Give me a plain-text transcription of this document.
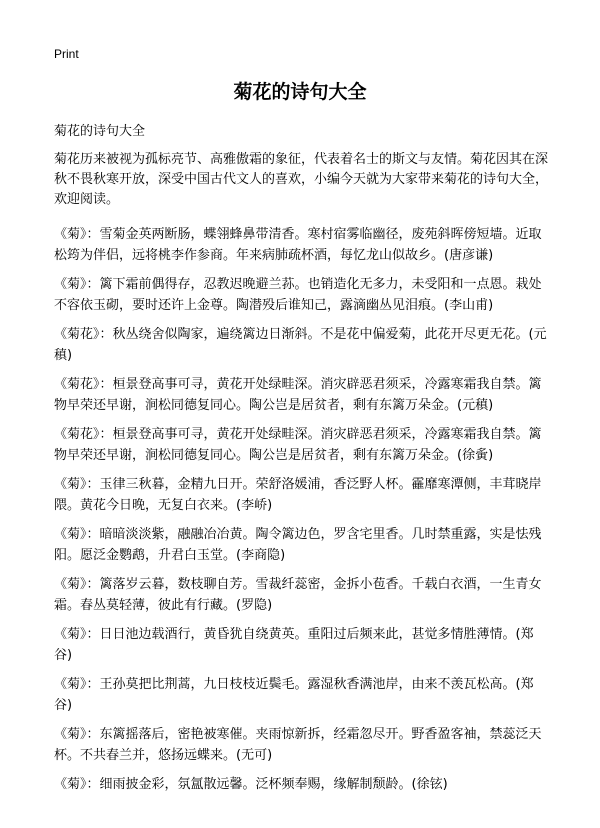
Print
菊花的诗句大全

菊花的诗句大全

菊花历来被视为孤标亮节、高雅傲霜的象征，代表着名士的斯文与友情。菊花因其在深秋不畏秋寒开放，深受中国古代文人的喜欢，小编今天就为大家带来菊花的诗句大全，欢迎阅读。

《菊》：雪菊金英两断肠，蝶翎蜂鼻带清香。寒村宿雾临幽径，废苑斜晖傍短墙。近取松筠为伴侣，远将桃李作参商。年来病肺疏杯酒，每忆龙山似故乡。(唐彦谦)

《菊》：篱下霜前偶得存，忍教迟晚避兰荪。也销造化无多力，未受阳和一点恩。栽处不容依玉砌，要时还许上金尊。陶潜殁后谁知己，露滴幽丛见泪痕。(李山甫)

《菊花》：秋丛绕舍似陶家，遍绕篱边日渐斜。不是花中偏爱菊，此花开尽更无花。(元稹)

《菊花》：桓景登高事可寻，黄花开处绿畦深。消灾辟恶君须采，冷露寒霜我自禁。篱物早荣还早谢，涧松同德复同心。陶公岂是居贫者，剩有东篱万朵金。(元稹)

《菊花》：桓景登高事可寻，黄花开处绿畦深。消灾辟恶君须采，冷露寒霜我自禁。篱物早荣还早谢，涧松同德复同心。陶公岂是居贫者，剩有东篱万朵金。(徐夤)

《菊》：玉律三秋暮，金精九日开。荣舒洛媛浦，香泛野人杯。靃靡寒潭侧，丰茸晓岸隈。黄花今日晚，无复白衣来。(李峤)

《菊》：暗暗淡淡紫，融融冶冶黄。陶令篱边色，罗含宅里香。几时禁重露，实是怯残阳。愿泛金鹦鹉，升君白玉堂。(李商隐)

《菊》：篱落岁云暮，数枝聊自芳。雪裁纤蕊密，金拆小苞香。千载白衣酒，一生青女霜。春丛莫轻薄，彼此有行藏。(罗隐)

《菊》：日日池边载酒行，黄昏犹自绕黄英。重阳过后频来此，甚觉多情胜薄情。(郑谷)

《菊》：王孙莫把比荆蒿，九日枝枝近鬓毛。露湿秋香满池岸，由来不羡瓦松高。(郑谷)

《菊》：东篱摇落后，密艳被寒催。夹雨惊新拆，经霜忽尽开。野香盈客袖，禁蕊泛天杯。不共春兰并，悠扬远蝶来。(无可)

《菊》：细雨披金彩，氛氲散远馨。泛杯频奉赐，缘解制颓龄。(徐铉)
